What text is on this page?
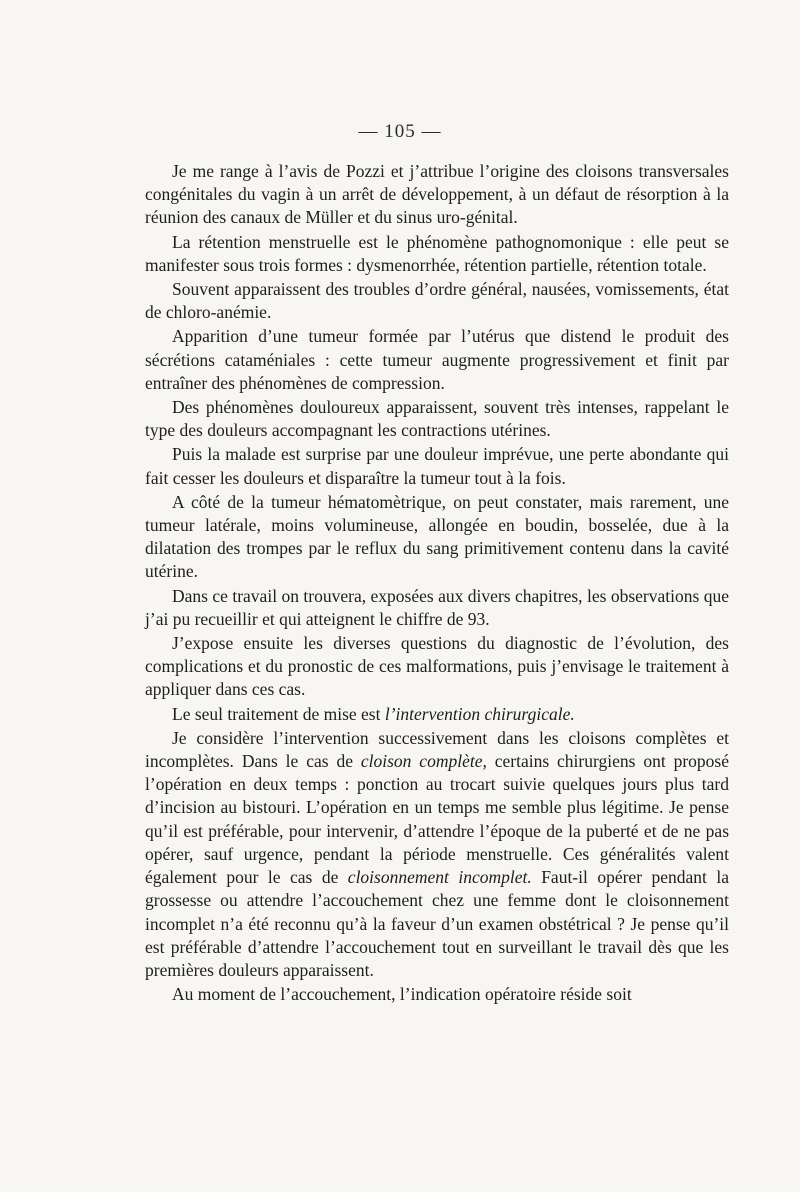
— 105 —

Je me range à l’avis de Pozzi et j’attribue l’origine des cloisons transversales congénitales du vagin à un arrêt de développement, à un défaut de résorption à la réunion des canaux de Müller et du sinus uro-génital.

La rétention menstruelle est le phénomène pathognomonique : elle peut se manifester sous trois formes : dysmenorrhée, rétention partielle, rétention totale.

Souvent apparaissent des troubles d’ordre général, nausées, vomissements, état de chloro-anémie.

Apparition d’une tumeur formée par l’utérus que distend le produit des sécrétions cataméniales : cette tumeur augmente progressivement et finit par entraîner des phénomènes de compression.

Des phénomènes douloureux apparaissent, souvent très intenses, rappelant le type des douleurs accompagnant les contractions utérines.

Puis la malade est surprise par une douleur imprévue, une perte abondante qui fait cesser les douleurs et disparaître la tumeur tout à la fois.

A côté de la tumeur hématomètrique, on peut constater, mais rarement, une tumeur latérale, moins volumineuse, allongée en boudin, bosselée, due à la dilatation des trompes par le reflux du sang primitivement contenu dans la cavité utérine.

Dans ce travail on trouvera, exposées aux divers chapitres, les observations que j’ai pu recueillir et qui atteignent le chiffre de 93.

J’expose ensuite les diverses questions du diagnostic de l’évolution, des complications et du pronostic de ces malformations, puis j’envisage le traitement à appliquer dans ces cas.

Le seul traitement de mise est l’intervention chirurgicale.

Je considère l’intervention successivement dans les cloisons complètes et incomplètes. Dans le cas de cloison complète, certains chirurgiens ont proposé l’opération en deux temps : ponction au trocart suivie quelques jours plus tard d’incision au bistouri. L’opération en un temps me semble plus légitime. Je pense qu’il est préférable, pour intervenir, d’attendre l’époque de la puberté et de ne pas opérer, sauf urgence, pendant la période menstruelle. Ces généralités valent également pour le cas de cloisonnement incomplet. Faut-il opérer pendant la grossesse ou attendre l’accouchement chez une femme dont le cloisonnement incomplet n’a été reconnu qu’à la faveur d’un examen obstétrical ? Je pense qu’il est préférable d’attendre l’accouchement tout en surveillant le travail dès que les premières douleurs apparaissent.

Au moment de l’accouchement, l’indication opératoire réside soit
